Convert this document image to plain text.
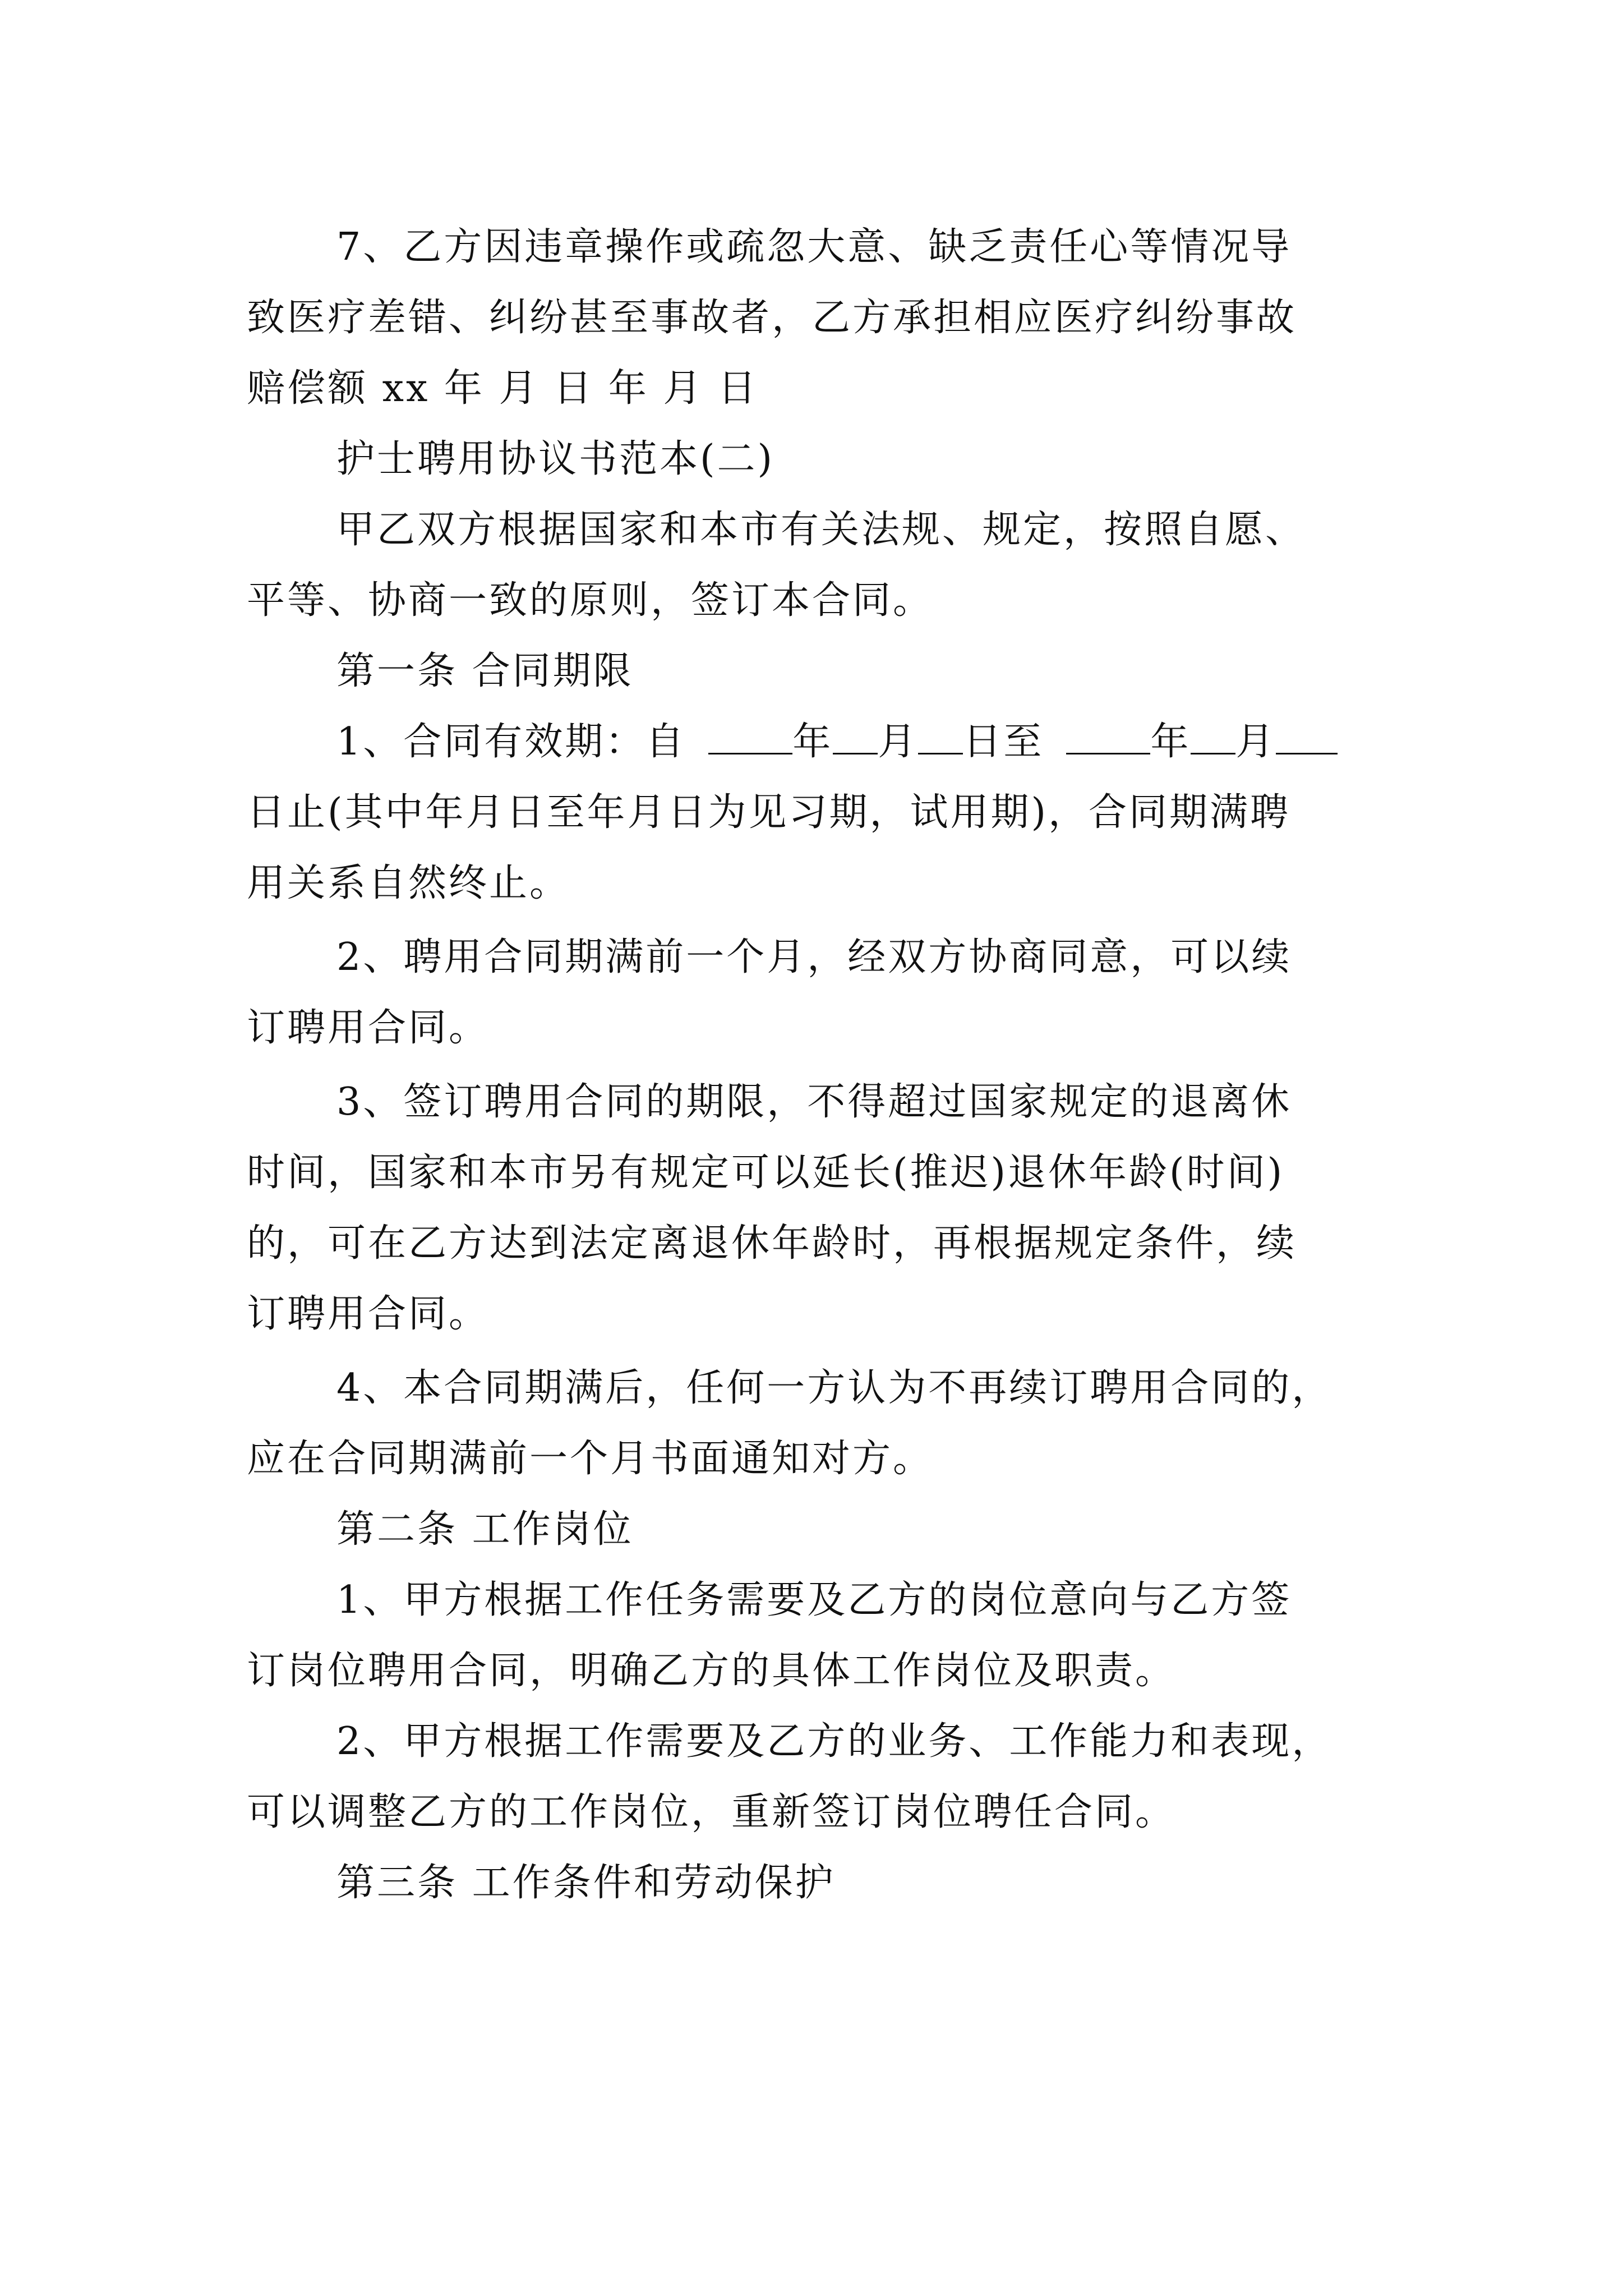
7、乙方因违章操作或疏忽大意、缺乏责任心等情况导
致医疗差错、纠纷甚至事故者，乙方承担相应医疗纠纷事故
赔偿额 xx 年 月 日 年 月 日
护士聘用协议书范本(二)
甲乙双方根据国家和本市有关法规、规定，按照自愿、
平等、协商一致的原则，签订本合同。
第一条 合同期限
1、合同有效期：自	年 月 日至	年 月
日止(其中年月日至年月日为见习期，试用期)，合同期满聘
用关系自然终止。
2、聘用合同期满前一个月，经双方协商同意，可以续
订聘用合同。
3、签订聘用合同的期限，不得超过国家规定的退离休
时间，国家和本市另有规定可以延长(推迟)退休年龄(时间)
的，可在乙方达到法定离退休年龄时，再根据规定条件，续
订聘用合同。
4、本合同期满后，任何一方认为不再续订聘用合同的，
应在合同期满前一个月书面通知对方。
第二条 工作岗位
1、甲方根据工作任务需要及乙方的岗位意向与乙方签
订岗位聘用合同，明确乙方的具体工作岗位及职责。
2、甲方根据工作需要及乙方的业务、工作能力和表现，
可以调整乙方的工作岗位，重新签订岗位聘任合同。
第三条 工作条件和劳动保护
